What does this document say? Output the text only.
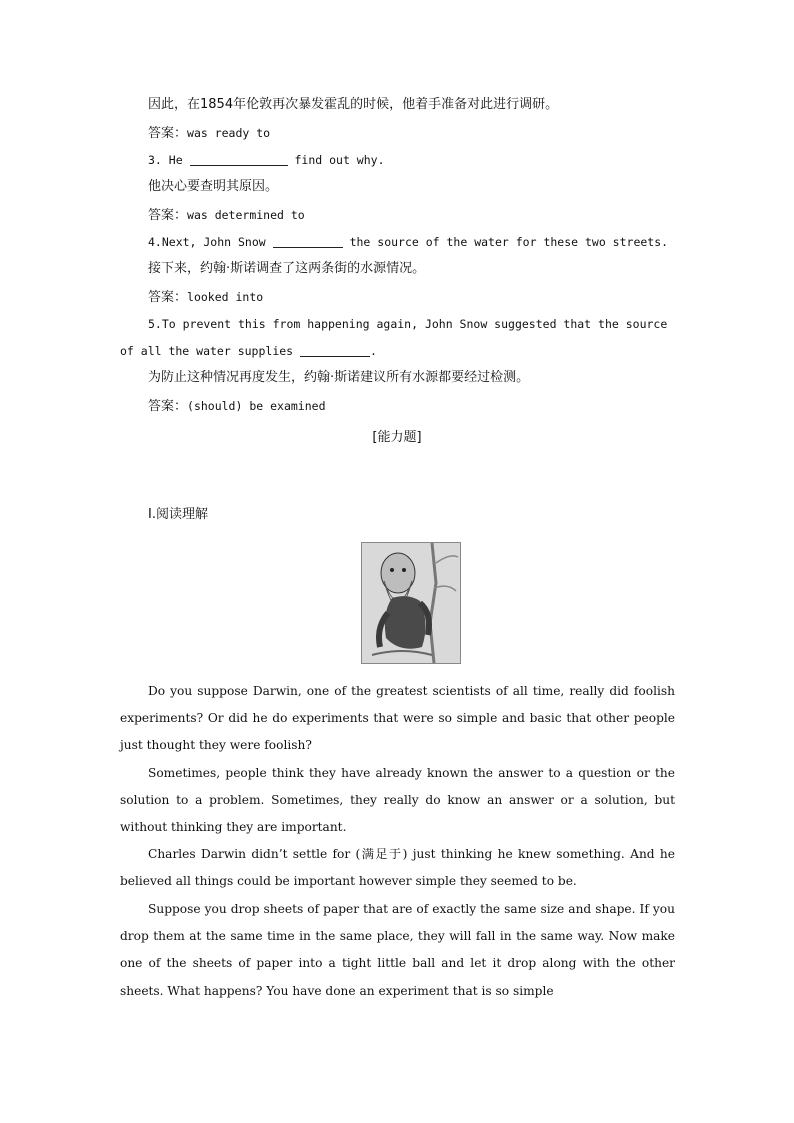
因此，在1854年伦敦再次暴发霍乱的时候，他着手准备对此进行调研。
答案：was ready to
3. He	find out why.
他决心要查明其原因。
答案：was determined to
4.Next, John Snow	the source of the water for these two streets.
接下来，约翰·斯诺调查了这两条街的水源情况。
答案：looked into
5.To prevent this from happening again, John Snow suggested that the source
of all the water supplies	.
为防止这种情况再度发生，约翰·斯诺建议所有水源都要经过检测。
答案：(should) be examined
[能力题]
Ⅰ.阅读理解

Do you suppose Darwin, one of the greatest scientists of all time, really did foolish experiments? Or did he do experiments that were so simple and basic that other people just thought they were foolish?

Sometimes, people think they have already known the answer to a question or the solution to a problem. Sometimes, they really do know an answer or a solution, but without thinking they are important.

Charles Darwin didn’t settle for (满足于) just thinking he knew something. And he believed all things could be important however simple they seemed to be.

Suppose you drop sheets of paper that are of exactly the same size and shape. If you drop them at the same time in the same place, they will fall in the same way. Now make one of the sheets of paper into a tight little ball and let it drop along with the other sheets. What happens? You have done an experiment that is so simple
